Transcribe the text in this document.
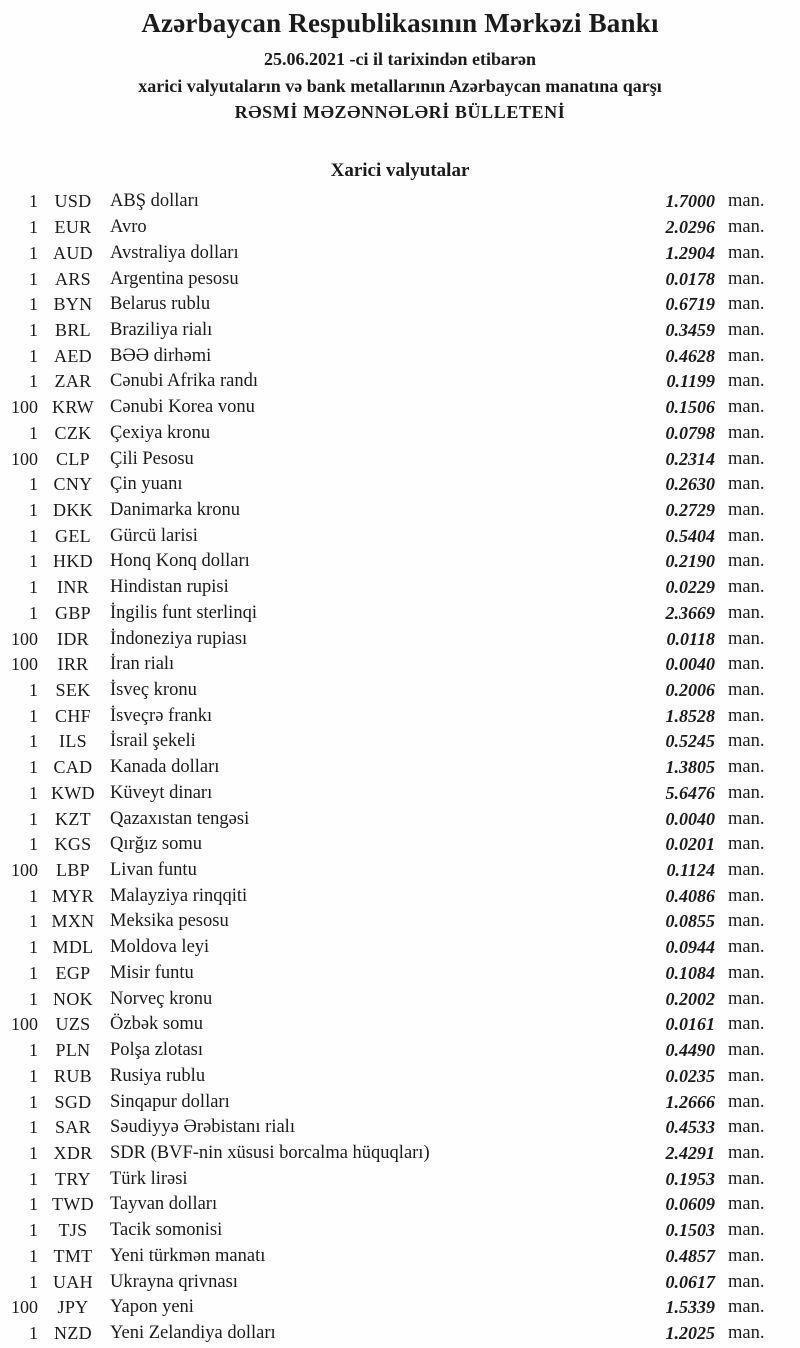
Azərbaycan Respublikasının Mərkəzi Bankı
25.06.2021 -ci il tarixindən etibarən
xarici valyutaların və bank metallarının Azərbaycan manatına qarşı
RƏSMİ MƏZƏNNƏLƏRİ BÜLLETENİ
Xarici valyutalar
1 USD	ABŞ dolları	1.7000 man.
1 EUR	Avro	2.0296 man.
1 AUD Avstraliya dolları	1.2904 man.
1 ARS	Argentina pesosu	0.0178 man.
1 BYN Belarus rublu	0.6719 man.
1 BRL	Braziliya rialı	0.3459 man.
1 AED BƏƏ dirhəmi	0.4628 man.
1 ZAR	Cənubi Afrika randı	0.1199 man.
100 KRW Cənubi Korea vonu	0.1506 man.
1 CZK	Çexiya kronu	0.0798 man.
100	CLP	Çili Pesosu	0.2314 man.
1 CNY Çin yuanı	0.2630 man.
1 DKK Danimarka kronu	0.2729 man.
1 GEL	Gürcü larisi	0.5404 man.
1 HKD Honq Konq dolları	0.2190 man.
1	INR	Hindistan rupisi	0.0229 man.
1 GBP	İngilis funt sterlinqi	2.3669 man.
100	IDR	İndoneziya rupiası	0.0118 man.
100	IRR	İran rialı	0.0040 man.
1 SEK	İsveç kronu	0.2006 man.
1 CHF	İsveçrə frankı	1.8528 man.
1	ILS	İsrail şekeli	0.5245 man.
1 CAD Kanada dolları	1.3805 man.
1 KWD Küveyt dinarı	5.6476 man.
1 KZT	Qazaxıstan tengəsi	0.0040 man.
1 KGS	Qırğız somu	0.0201 man.
100	LBP	Livan funtu	0.1124 man.
1 MYR Malayziya rinqqiti	0.4086 man.
1 MXN Meksika pesosu	0.0855 man.
1 MDL Moldova leyi	0.0944 man.
1 EGP	Misir funtu	0.1084 man.
1 NOK Norveç kronu	0.2002 man.
100 UZS	Özbək somu	0.0161 man.
1 PLN	Polşa zlotası	0.4490 man.
1 RUB Rusiya rublu	0.0235 man.
1 SGD	Sinqapur dolları	1.2666 man.
1 SAR	Səudiyyə Ərəbistanı rialı	0.4533 man.
1 XDR SDR (BVF-nin xüsusi borcalma hüquqları)	2.4291 man.
1 TRY	Türk lirəsi	0.1953 man.
1 TWD Tayvan dolları	0.0609 man.
1	TJS	Tacik somonisi	0.1503 man.
1 TMT Yeni türkmən manatı	0.4857 man.
1 UAH Ukrayna qrivnası	0.0617 man.
100	JPY	Yapon yeni	1.5339 man.
1 NZD Yeni Zelandiya dolları	1.2025 man.
